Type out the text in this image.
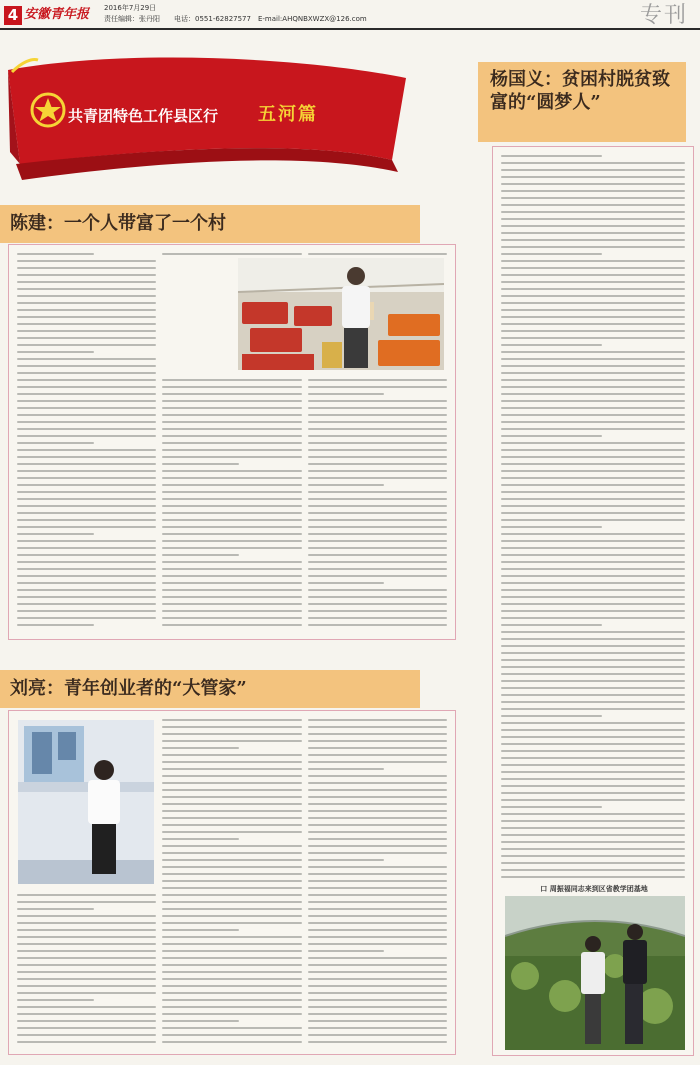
4 安徽青年报 2016年7月29日
责任编辑：张丹阳　　电话：0551-62827577　E-mail:AHQNBXWZX@126.com	专刊
共青团特色工作县区行 五河篇
陈建：一个人带富了一个村
刘亮：青年创业者的“大管家”
杨国义：贫困村脱贫致富的“圆梦人”
口 周振福同志来到区省教学团基地
